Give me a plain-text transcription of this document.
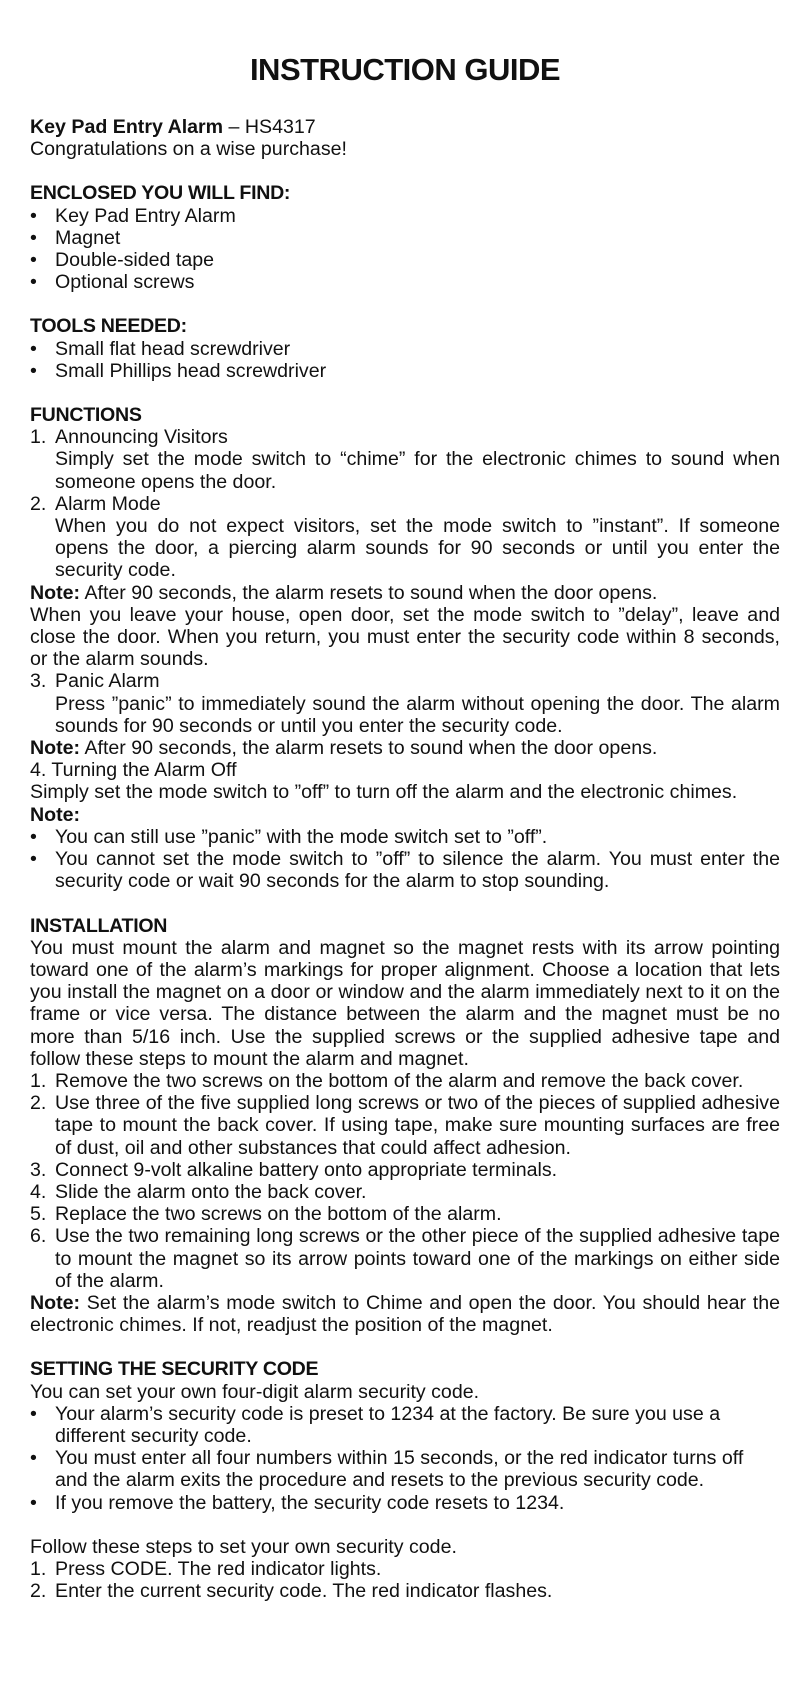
INSTRUCTION GUIDE

Key Pad Entry Alarm – HS4317

Congratulations on a wise purchase!

ENCLOSED YOU WILL FIND:

• Key Pad Entry Alarm
• Magnet
• Double-sided tape
• Optional screws

TOOLS NEEDED:

• Small flat head screwdriver
• Small Phillips head screwdriver

FUNCTIONS

1. Announcing Visitors
Simply set the mode switch to “chime” for the electronic chimes to sound when someone opens the door.
2. Alarm Mode
When you do not expect visitors, set the mode switch to ”instant”. If someone opens the door, a piercing alarm sounds for 90 seconds or until you enter the security code.

Note: After 90 seconds, the alarm resets to sound when the door opens.

When you leave your house, open door, set the mode switch to ”delay”, leave and close the door. When you return, you must enter the security code within 8 seconds, or the alarm sounds.

3. Panic Alarm
Press ”panic” to immediately sound the alarm without opening the door. The alarm sounds for 90 seconds or until you enter the security code.

Note: After 90 seconds, the alarm resets to sound when the door opens.

4. Turning the Alarm Off

Simply set the mode switch to ”off” to turn off the alarm and the electronic chimes.

Note:

• You can still use ”panic” with the mode switch set to ”off”.
• You cannot set the mode switch to ”off” to silence the alarm. You must enter the security code or wait 90 seconds for the alarm to stop sounding.

INSTALLATION

You must mount the alarm and magnet so the magnet rests with its arrow pointing toward one of the alarm’s markings for proper alignment. Choose a location that lets you install the magnet on a door or window and the alarm immediately next to it on the frame or vice versa. The distance between the alarm and the magnet must be no more than 5/16 inch. Use the supplied screws or the supplied adhesive tape and follow these steps to mount the alarm and magnet.

1. Remove the two screws on the bottom of the alarm and remove the back cover.
2. Use three of the five supplied long screws or two of the pieces of supplied adhesive tape to mount the back cover. If using tape, make sure mounting surfaces are free of dust, oil and other substances that could affect adhesion.
3. Connect 9-volt alkaline battery onto appropriate terminals.
4. Slide the alarm onto the back cover.
5. Replace the two screws on the bottom of the alarm.
6. Use the two remaining long screws or the other piece of the supplied adhesive tape to mount the magnet so its arrow points toward one of the markings on either side of the alarm.

Note: Set the alarm’s mode switch to Chime and open the door. You should hear the electronic chimes. If not, readjust the position of the magnet.

SETTING THE SECURITY CODE

You can set your own four-digit alarm security code.

• Your alarm’s security code is preset to 1234 at the factory. Be sure you use a different security code.
• You must enter all four numbers within 15 seconds, or the red indicator turns off and the alarm exits the procedure and resets to the previous security code.
• If you remove the battery, the security code resets to 1234.

Follow these steps to set your own security code.

1. Press CODE. The red indicator lights.
2. Enter the current security code. The red indicator flashes.
